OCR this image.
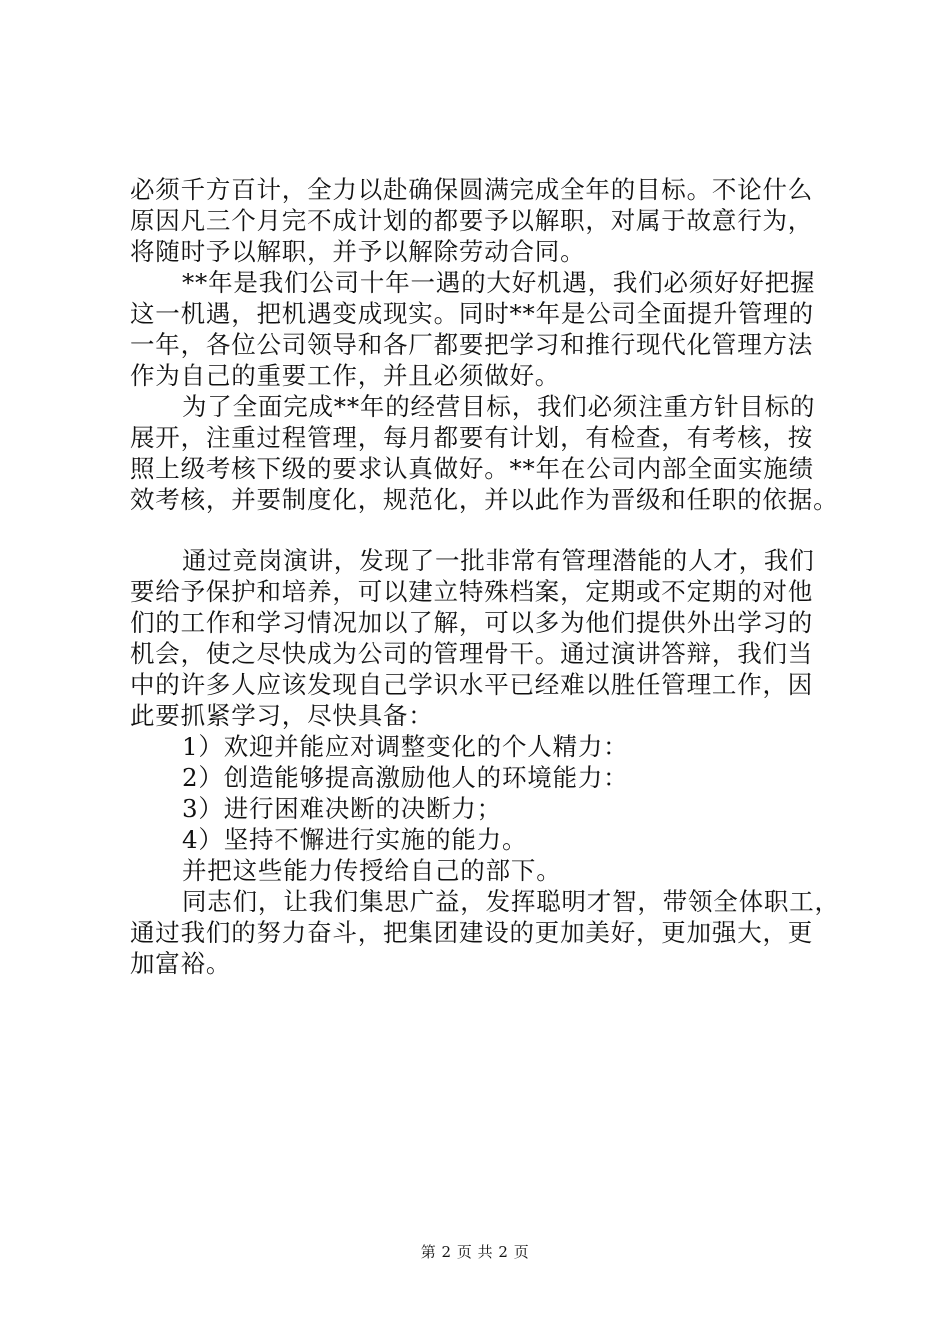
必须千方百计，全力以赴确保圆满完成全年的目标。不论什么
原因凡三个月完不成计划的都要予以解职，对属于故意行为，
将随时予以解职，并予以解除劳动合同。
**年是我们公司十年一遇的大好机遇，我们必须好好把握
这一机遇，把机遇变成现实。同时**年是公司全面提升管理的
一年，各位公司领导和各厂都要把学习和推行现代化管理方法
作为自己的重要工作，并且必须做好。
为了全面完成**年的经营目标，我们必须注重方针目标的
展开，注重过程管理，每月都要有计划，有检查，有考核，按
照上级考核下级的要求认真做好。**年在公司内部全面实施绩
效考核，并要制度化，规范化，并以此作为晋级和任职的依据。
通过竞岗演讲，发现了一批非常有管理潜能的人才，我们
要给予保护和培养，可以建立特殊档案，定期或不定期的对他
们的工作和学习情况加以了解，可以多为他们提供外出学习的
机会，使之尽快成为公司的管理骨干。通过演讲答辩，我们当
中的许多人应该发现自己学识水平已经难以胜任管理工作，因
此要抓紧学习，尽快具备：
1）欢迎并能应对调整变化的个人精力：
2）创造能够提高激励他人的环境能力：
3）进行困难决断的决断力；
4）坚持不懈进行实施的能力。
并把这些能力传授给自己的部下。
同志们，让我们集思广益，发挥聪明才智，带领全体职工，
通过我们的努力奋斗，把集团建设的更加美好，更加强大，更
加富裕。
第 2 页 共 2 页
